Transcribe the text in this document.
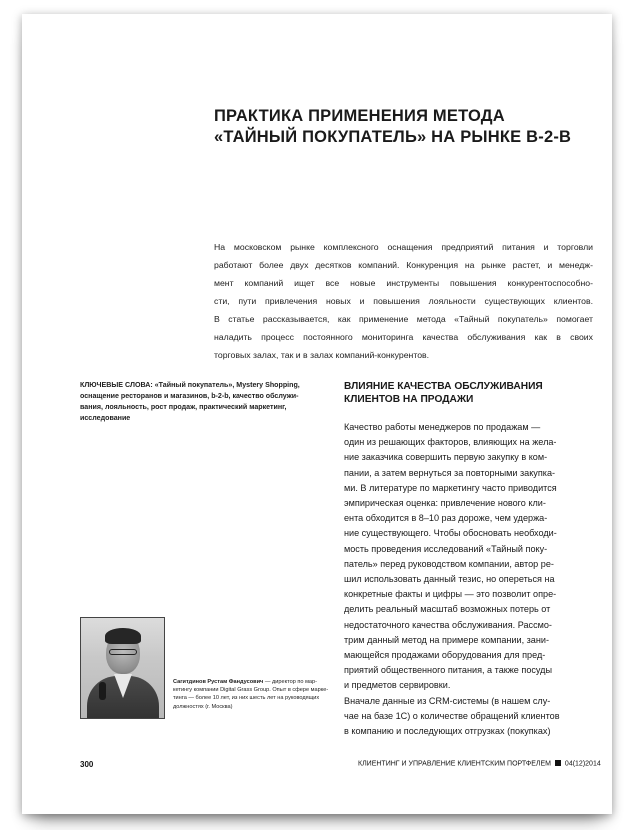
ПРАКТИКА ПРИМЕНЕНИЯ МЕТОДА
«ТАЙНЫЙ ПОКУПАТЕЛЬ» НА РЫНКЕ B-2-B
На московском рынке комплексного оснащения предприятий питания и торговли
работают более двух десятков компаний. Конкуренция на рынке растет, и менедж-
мент компаний ищет все новые инструменты повышения конкурентоспособно-
сти, пути привлечения новых и повышения лояльности существующих клиентов.
В статье рассказывается, как применение метода «Тайный покупатель» помогает
наладить процесс постоянного мониторинга качества обслуживания как в своих
торговых залах, так и в залах компаний-конкурентов.
КЛЮЧЕВЫЕ СЛОВА: «Тайный покупатель», Mystery Shopping,
оснащение ресторанов и магазинов, b-2-b, качество обслужи-
вания, лояльность, рост продаж, практический маркетинг,
исследование
ВЛИЯНИЕ КАЧЕСТВА ОБСЛУЖИВАНИЯ
КЛИЕНТОВ НА ПРОДАЖИ
Качество работы менеджеров по продажам —
один из решающих факторов, влияющих на жела-
ние заказчика совершить первую закупку в ком-
пании, а затем вернуться за повторными закупка-
ми. В литературе по маркетингу часто приводится
эмпирическая оценка: привлечение нового кли-
ента обходится в 8–10 раз дороже, чем удержа-
ние существующего. Чтобы обосновать необходи-
мость проведения исследований «Тайный поку-
патель» перед руководством компании, автор ре-
шил использовать данный тезис, но опереться на
конкретные факты и цифры — это позволит опре-
делить реальный масштаб возможных потерь от
недостаточного качества обслуживания. Рассмо-
трим данный метод на примере компании, зани-
мающейся продажами оборудования для пред-
приятий общественного питания, а также посуды
и предметов сервировки.
Вначале данные из CRM-системы (в нашем слу-
чае на базе 1С) о количестве обращений клиентов
в компанию и последующих отгрузках (покупках)
Сагитдинов Рустам Фандусович — директор по мар-
кетингу компании Digital Grass Group. Опыт в сфере марке-
тинга — более 10 лет, из них шесть лет на руководящих
должностях (г. Москва)
300	КЛИЕНТИНГ И УПРАВЛЕНИЕ КЛИЕНТСКИМ ПОРТФЕЛЕМ 04(12)2014
